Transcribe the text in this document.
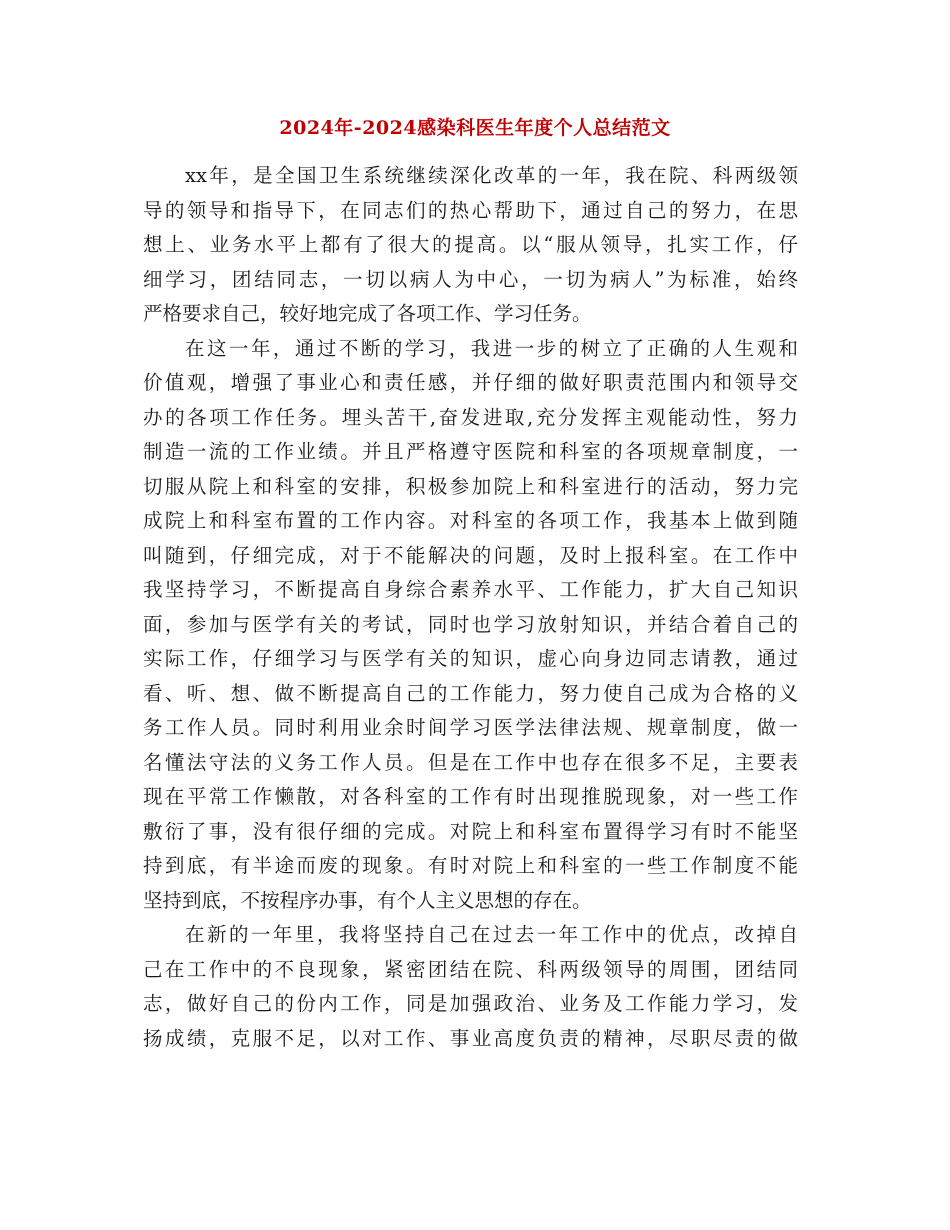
2024年-2024感染科医生年度个人总结范文
xx年，是全国卫生系统继续深化改革的一年，我在院、科两级领
导的领导和指导下，在同志们的热心帮助下，通过自己的努力，在思
想上、业务水平上都有了很大的提高。以“服从领导，扎实工作，仔
细学习，团结同志，一切以病人为中心，一切为病人”为标准，始终
严格要求自己，较好地完成了各项工作、学习任务。
在这一年，通过不断的学习，我进一步的树立了正确的人生观和
价值观，增强了事业心和责任感，并仔细的做好职责范围内和领导交
办的各项工作任务。埋头苦干,奋发进取,充分发挥主观能动性，努力
制造一流的工作业绩。并且严格遵守医院和科室的各项规章制度，一
切服从院上和科室的安排，积极参加院上和科室进行的活动，努力完
成院上和科室布置的工作内容。对科室的各项工作，我基本上做到随
叫随到，仔细完成，对于不能解决的问题，及时上报科室。在工作中
我坚持学习，不断提高自身综合素养水平、工作能力，扩大自己知识
面，参加与医学有关的考试，同时也学习放射知识，并结合着自己的
实际工作，仔细学习与医学有关的知识，虚心向身边同志请教，通过
看、听、想、做不断提高自己的工作能力，努力使自己成为合格的义
务工作人员。同时利用业余时间学习医学法律法规、规章制度，做一
名懂法守法的义务工作人员。但是在工作中也存在很多不足，主要表
现在平常工作懒散，对各科室的工作有时出现推脱现象，对一些工作
敷衍了事，没有很仔细的完成。对院上和科室布置得学习有时不能坚
持到底，有半途而废的现象。有时对院上和科室的一些工作制度不能
坚持到底，不按程序办事，有个人主义思想的存在。
在新的一年里，我将坚持自己在过去一年工作中的优点，改掉自
己在工作中的不良现象，紧密团结在院、科两级领导的周围，团结同
志，做好自己的份内工作，同是加强政治、业务及工作能力学习，发
扬成绩，克服不足，以对工作、事业高度负责的精神，尽职尽责的做
